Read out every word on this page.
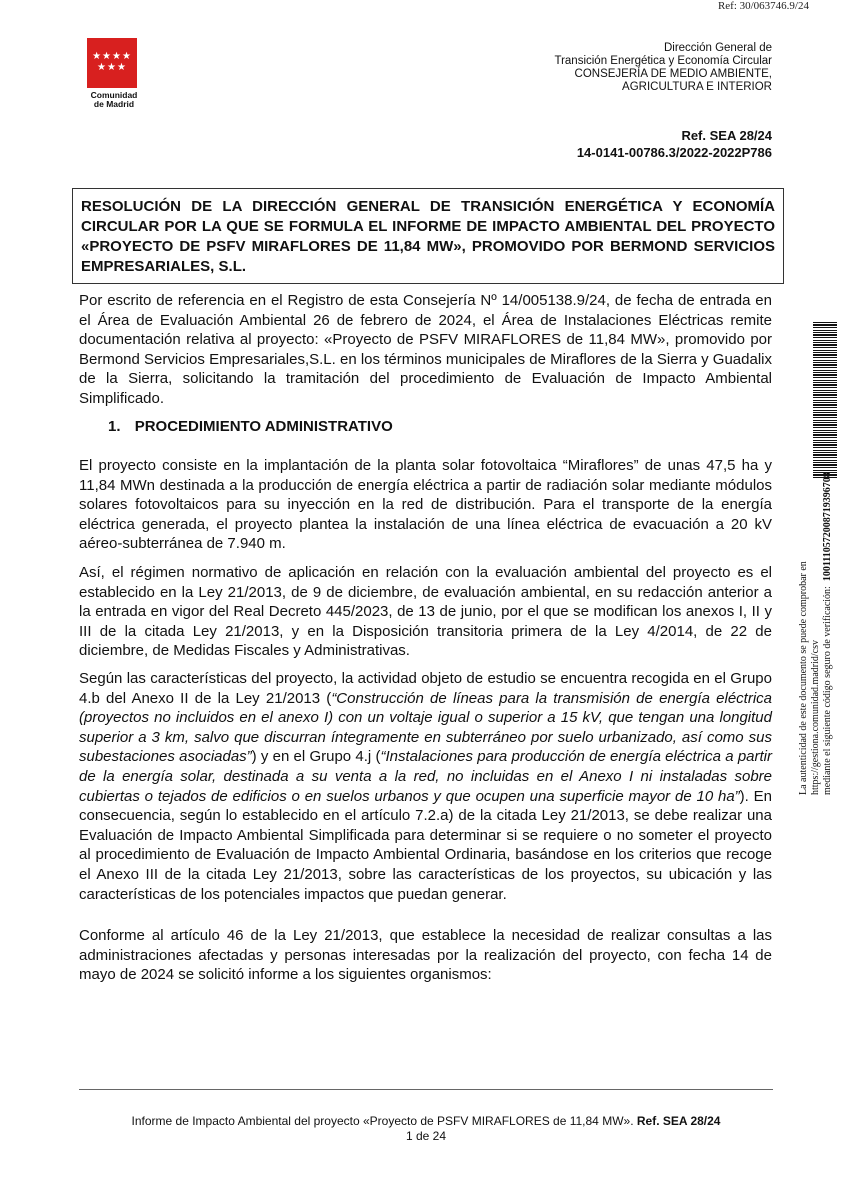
Ref: 30/063746.9/24
★★★★
★★★
Comunidad
de Madrid
Dirección General de
Transición Energética y Economía Circular
CONSEJERÍA DE MEDIO AMBIENTE,
AGRICULTURA E INTERIOR
Ref. SEA 28/24
14-0141-00786.3/2022-2022P786
RESOLUCIÓN DE LA DIRECCIÓN GENERAL DE TRANSICIÓN ENERGÉTICA Y ECONOMÍA CIRCULAR POR LA QUE SE FORMULA EL INFORME DE IMPACTO AMBIENTAL DEL PROYECTO «PROYECTO DE PSFV MIRAFLORES DE 11,84 MW», PROMOVIDO POR BERMOND SERVICIOS EMPRESARIALES, S.L.
Por escrito de referencia en el Registro de esta Consejería Nº 14/005138.9/24, de fecha de entrada en el Área de Evaluación Ambiental 26 de febrero de 2024, el Área de Instalaciones Eléctricas remite documentación relativa al proyecto: «Proyecto de PSFV MIRAFLORES de 11,84 MW», promovido por Bermond Servicios Empresariales,S.L. en los términos municipales de Miraflores de la Sierra y Guadalix de la Sierra, solicitando la tramitación del procedimiento de Evaluación de Impacto Ambiental Simplificado.
1. PROCEDIMIENTO ADMINISTRATIVO
El proyecto consiste en la implantación de la planta solar fotovoltaica “Miraflores” de unas 47,5 ha y 11,84 MWn destinada a la producción de energía eléctrica a partir de radiación solar mediante módulos solares fotovoltaicos para su inyección en la red de distribución. Para el transporte de la energía eléctrica generada, el proyecto plantea la instalación de una línea eléctrica de evacuación a 20 kV aéreo-subterránea de 7.940 m.
Así, el régimen normativo de aplicación en relación con la evaluación ambiental del proyecto es el establecido en la Ley 21/2013, de 9 de diciembre, de evaluación ambiental, en su redacción anterior a la entrada en vigor del Real Decreto 445/2023, de 13 de junio, por el que se modifican los anexos I, II y III de la citada Ley 21/2013, y en la Disposición transitoria primera de la Ley 4/2014, de 22 de diciembre, de Medidas Fiscales y Administrativas.
Según las características del proyecto, la actividad objeto de estudio se encuentra recogida en el Grupo 4.b del Anexo II de la Ley 21/2013 (“Construcción de líneas para la transmisión de energía eléctrica (proyectos no incluidos en el anexo I) con un voltaje igual o superior a 15 kV, que tengan una longitud superior a 3 km, salvo que discurran íntegramente en subterráneo por suelo urbanizado, así como sus subestaciones asociadas”) y en el Grupo 4.j (“Instalaciones para producción de energía eléctrica a partir de la energía solar, destinada a su venta a la red, no incluidas en el Anexo I ni instaladas sobre cubiertas o tejados de edificios o en suelos urbanos y que ocupen una superficie mayor de 10 ha”). En consecuencia, según lo establecido en el artículo 7.2.a) de la citada Ley 21/2013, se debe realizar una Evaluación de Impacto Ambiental Simplificada para determinar si se requiere o no someter el proyecto al procedimiento de Evaluación de Impacto Ambiental Ordinaria, basándose en los criterios que recoge el Anexo III de la citada Ley 21/2013, sobre las características de los proyectos, su ubicación y las características de los potenciales impactos que puedan generar.
Conforme al artículo 46 de la Ley 21/2013, que establece la necesidad de realizar consultas a las administraciones afectadas y personas interesadas por la realización del proyecto, con fecha 14 de mayo de 2024 se solicitó informe a los siguientes organismos:
La autenticidad de este documento se puede comprobar en https://gestiona.comunidad.madrid/csv mediante el siguiente código seguro de verificación:  1001110572008719396708
Informe de Impacto Ambiental del proyecto «Proyecto de PSFV MIRAFLORES de 11,84 MW». Ref. SEA 28/24
1 de 24
